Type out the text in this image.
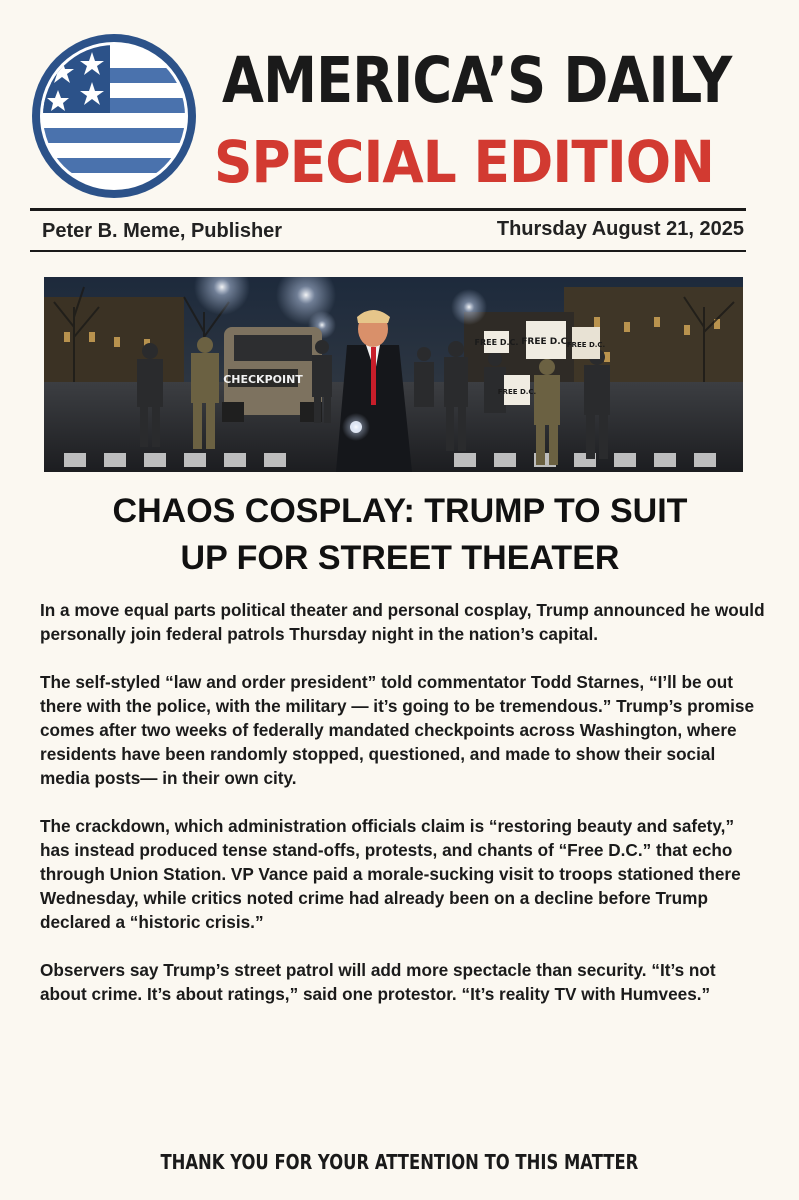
AMERICA’S DAILY
SPECIAL EDITION
Peter B. Meme, Publisher	Thursday August 21, 2025
CHECKPOINT
FREE D.C. FREE D.C.
FREE D.C.
FREE D.C.
CHAOS COSPLAY: TRUMP TO SUIT
UP FOR STREET THEATER

In a move equal parts political theater and personal cosplay, Trump announced he would personally join federal patrols Thursday night in the nation’s capital.

The self-styled “law and order president” told commentator Todd Starnes, “I’ll be out there with the police, with the military — it’s going to be tremendous.” Trump’s promise comes after two weeks of federally mandated checkpoints across Washington, where residents have been randomly stopped, questioned, and made to show their social media posts— in their own city.

The crackdown, which administration officials claim is “restoring beauty and safety,” has instead produced tense stand-offs, protests, and chants of “Free D.C.” that echo through Union Station. VP Vance paid a morale-sucking visit to troops stationed there Wednesday, while critics noted crime had already been on a decline before Trump declared a “historic crisis.”

Observers say Trump’s street patrol will add more spectacle than security. “It’s not about crime. It’s about ratings,” said one protestor. “It’s reality TV with Humvees.”

THANK YOU FOR YOUR ATTENTION TO THIS MATTER
